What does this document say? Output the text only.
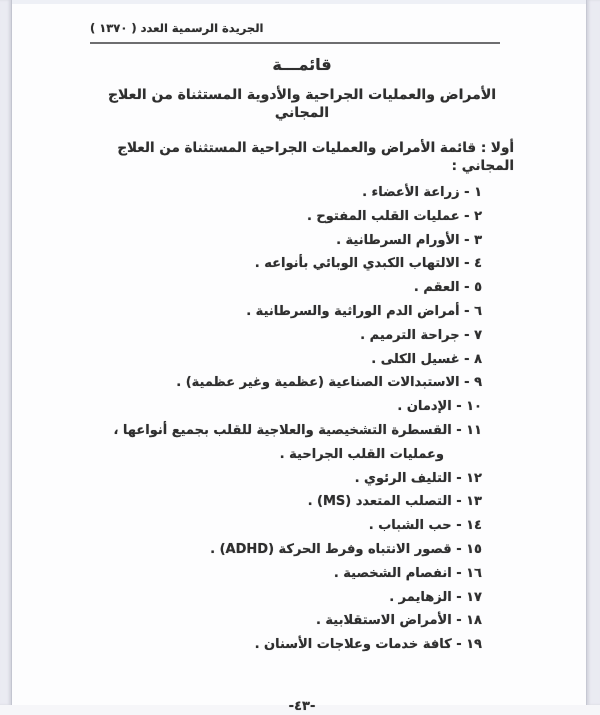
الجريدة الرسمية العدد ( ١٣٧٠ )
قائمـــة
الأمراض والعمليات الجراحية والأدوية المستثناة من العلاج المجاني
أولا : قائمة الأمراض والعمليات الجراحية المستثناة من العلاج المجاني :
١ - زراعة الأعضاء .
٢ - عمليات القلب المفتوح .
٣ - الأورام السرطانية .
٤ - الالتهاب الكبدي الوبائي بأنواعه .
٥ - العقم .
٦ - أمراض الدم الوراثية والسرطانية .
٧ - جراحة الترميم .
٨ - غسيل الكلى .
٩ - الاستبدالات الصناعية (عظمية وغير عظمية) .
١٠ - الإدمان .
١١ - القسطرة التشخيصية والعلاجية للقلب بجميع أنواعها ، وعمليات القلب الجراحية .
١٢ - التليف الرئوي .
١٣ - التصلب المتعدد (MS) .
١٤ - حب الشباب .
١٥ - قصور الانتباه وفرط الحركة (ADHD) .
١٦ - انفصام الشخصية .
١٧ - الزهايمر .
١٨ - الأمراض الاستقلابية .
١٩ - كافة خدمات وعلاجات الأسنان .
-٤٣-
